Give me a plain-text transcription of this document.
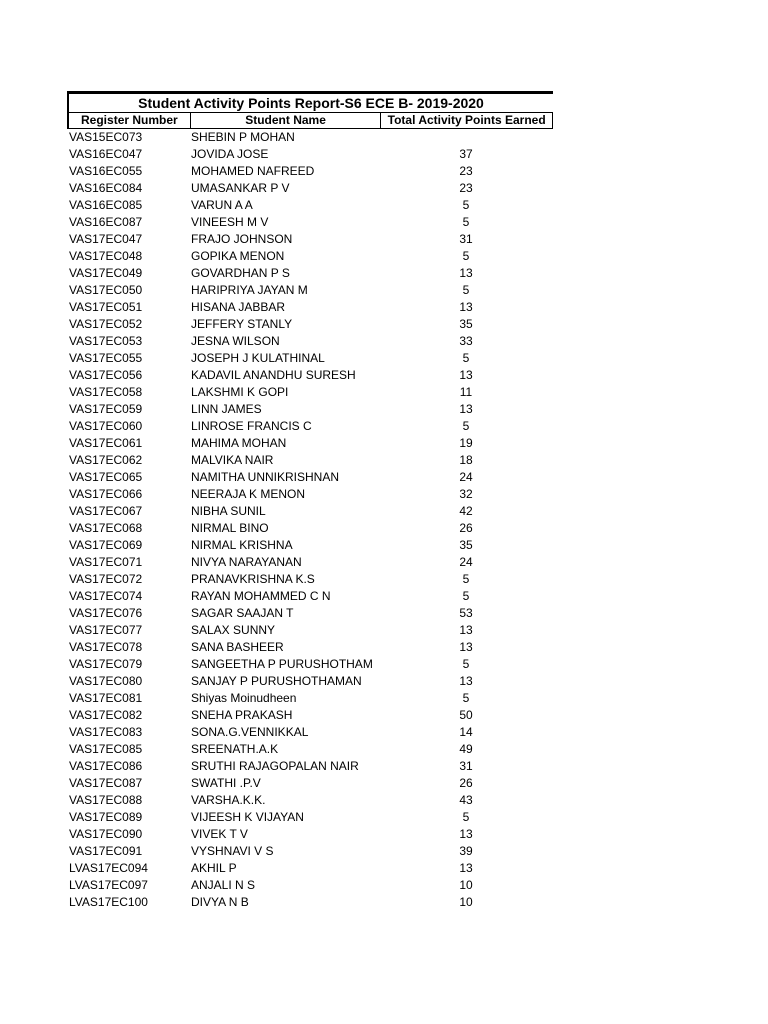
Student Activity Points Report-S6 ECE B- 2019-2020
Register Number	Student Name	Total Activity Points Earned
VAS15EC073	SHEBIN P MOHAN
VAS16EC047	JOVIDA JOSE	37
VAS16EC055	MOHAMED NAFREED	23
VAS16EC084	UMASANKAR P V	23
VAS16EC085	VARUN A A	5
VAS16EC087	VINEESH M V	5
VAS17EC047	FRAJO JOHNSON	31
VAS17EC048	GOPIKA MENON	5
VAS17EC049	GOVARDHAN P S	13
VAS17EC050	HARIPRIYA JAYAN M	5
VAS17EC051	HISANA JABBAR	13
VAS17EC052	JEFFERY STANLY	35
VAS17EC053	JESNA WILSON	33
VAS17EC055	JOSEPH J KULATHINAL	5
VAS17EC056	KADAVIL ANANDHU SURESH	13
VAS17EC058	LAKSHMI K GOPI	11
VAS17EC059	LINN JAMES	13
VAS17EC060	LINROSE FRANCIS C	5
VAS17EC061	MAHIMA MOHAN	19
VAS17EC062	MALVIKA NAIR	18
VAS17EC065	NAMITHA UNNIKRISHNAN	24
VAS17EC066	NEERAJA K MENON	32
VAS17EC067	NIBHA SUNIL	42
VAS17EC068	NIRMAL BINO	26
VAS17EC069	NIRMAL KRISHNA	35
VAS17EC071	NIVYA NARAYANAN	24
VAS17EC072	PRANAVKRISHNA K.S	5
VAS17EC074	RAYAN MOHAMMED C N	5
VAS17EC076	SAGAR SAAJAN T	53
VAS17EC077	SALAX SUNNY	13
VAS17EC078	SANA BASHEER	13
VAS17EC079	SANGEETHA P PURUSHOTHAM	5
VAS17EC080	SANJAY P PURUSHOTHAMAN	13
VAS17EC081	Shiyas Moinudheen	5
VAS17EC082	SNEHA PRAKASH	50
VAS17EC083	SONA.G.VENNIKKAL	14
VAS17EC085	SREENATH.A.K	49
VAS17EC086	SRUTHI RAJAGOPALAN NAIR	31
VAS17EC087	SWATHI .P.V	26
VAS17EC088	VARSHA.K.K.	43
VAS17EC089	VIJEESH K VIJAYAN	5
VAS17EC090	VIVEK T V	13
VAS17EC091	VYSHNAVI V S	39
LVAS17EC094	AKHIL P	13
LVAS17EC097	ANJALI N S	10
LVAS17EC100	DIVYA N B	10
